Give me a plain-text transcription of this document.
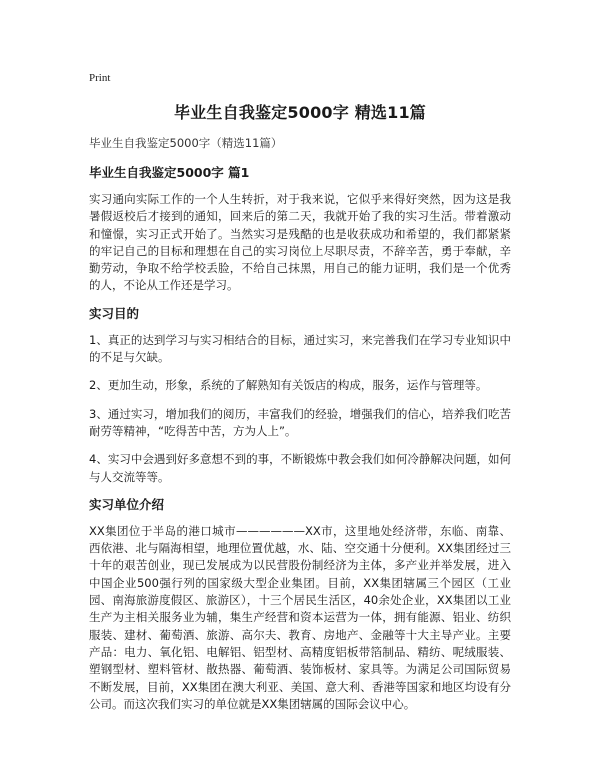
Print
毕业生自我鉴定5000字 精选11篇
毕业生自我鉴定5000字（精选11篇）
毕业生自我鉴定5000字 篇1

实习通向实际工作的一个人生转折，对于我来说，它似乎来得好突然，因为这是我暑假返校后才接到的通知，回来后的第二天，我就开始了我的实习生活。带着激动和憧憬，实习正式开始了。当然实习是残酷的也是收获成功和希望的，我们都紧紧的牢记自己的目标和理想在自己的实习岗位上尽职尽责，不辞辛苦，勇于奉献，辛勤劳动，争取不给学校丢脸，不给自己抹黑，用自己的能力证明，我们是一个优秀的人，不论从工作还是学习。

实习目的

1、真正的达到学习与实习相结合的目标，通过实习，来完善我们在学习专业知识中的不足与欠缺。

2、更加生动，形象，系统的了解熟知有关饭店的构成，服务，运作与管理等。

3、通过实习，增加我们的阅历，丰富我们的经验，增强我们的信心，培养我们吃苦耐劳等精神，“吃得苦中苦，方为人上”。

4、实习中会遇到好多意想不到的事，不断锻炼中教会我们如何冷静解决问题，如何与人交流等等。

实习单位介绍

XX集团位于半岛的港口城市——————XX市，这里地处经济带，东临、南靠、西依港、北与隔海相望，地理位置优越，水、陆、空交通十分便利。XX集团经过三十年的艰苦创业，现已发展成为以民营股份制经济为主体，多产业并举发展，进入中国企业500强行列的国家级大型企业集团。目前，XX集团辖属三个园区（工业园、南海旅游度假区、旅游区），十三个居民生活区，40余处企业，XX集团以工业生产为主相关服务业为辅，集生产经营和资本运营为一体，拥有能源、铝业、纺织服装、建材、葡萄酒、旅游、高尔夫、教育、房地产、金融等十大主导产业。主要产品：电力、氧化铝、电解铝、铝型材、高精度铝板带箔制品、精纺、呢绒服装、塑钢型材、塑料管材、散热器、葡萄酒、装饰板材、家具等。为满足公司国际贸易不断发展，目前，XX集团在澳大利亚、美国、意大利、香港等国家和地区均设有分公司。而这次我们实习的单位就是XX集团辖属的国际会议中心。
